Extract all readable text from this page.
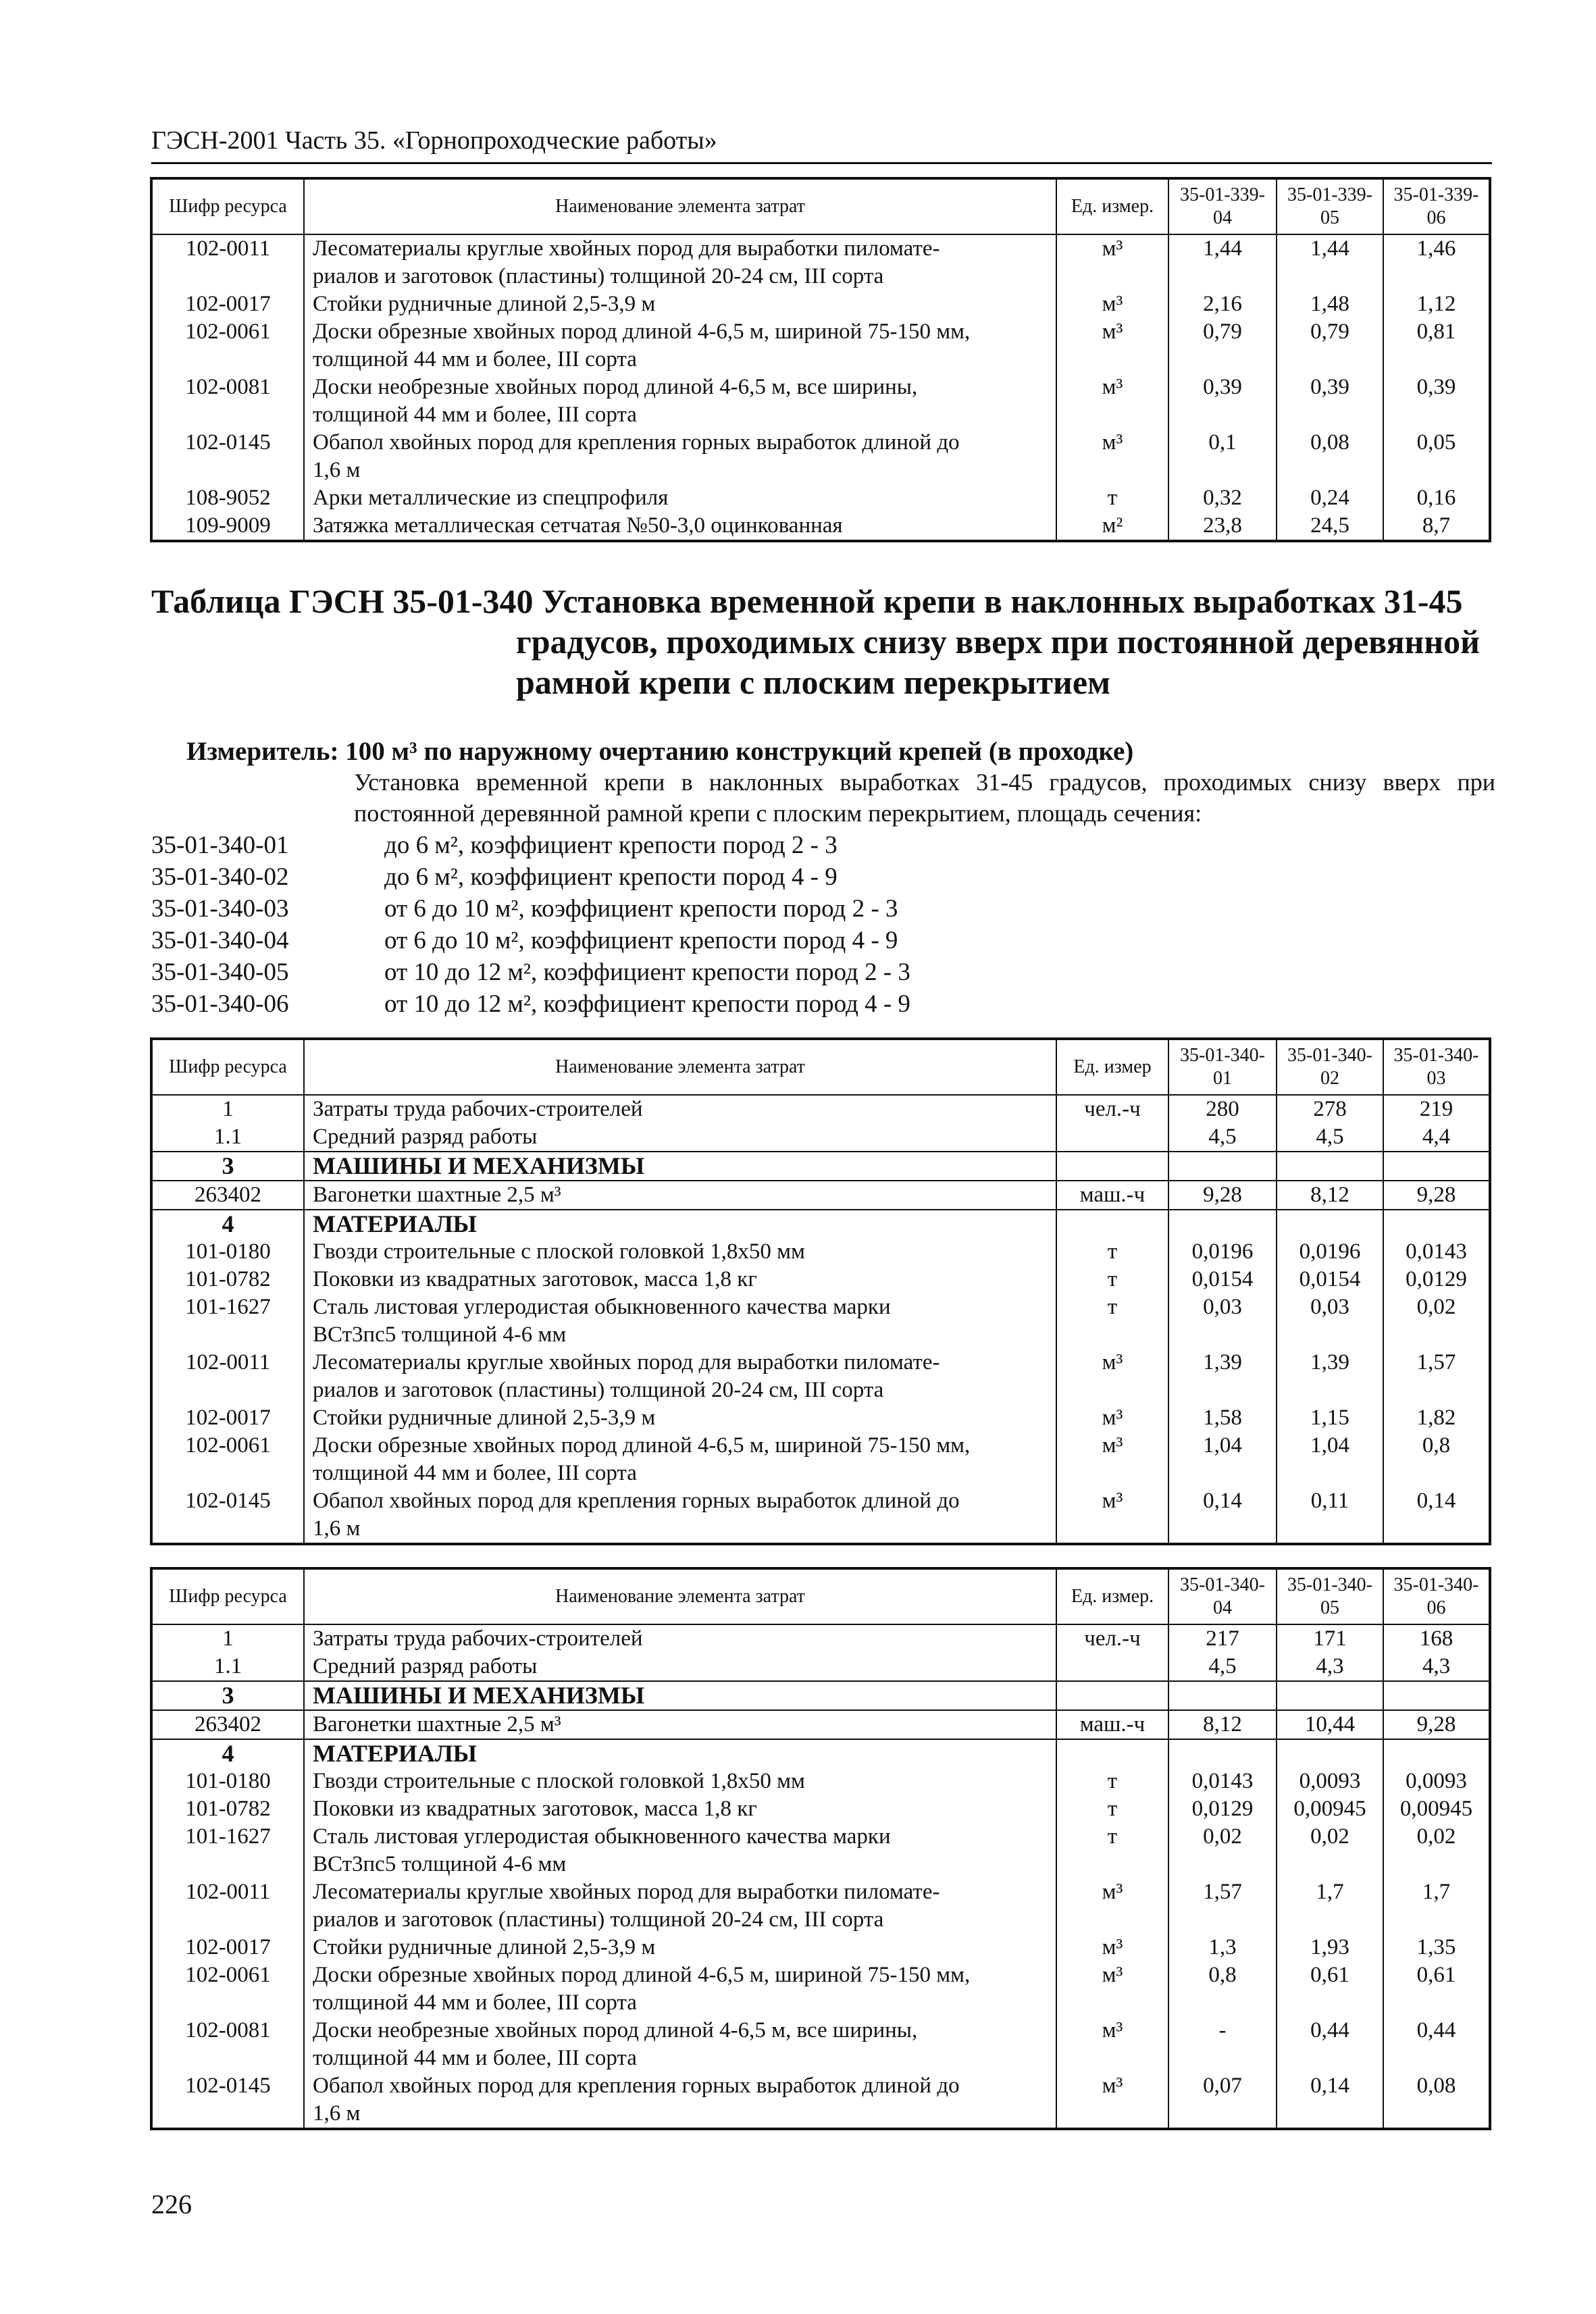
ГЭСН-2001 Часть 35. «Горнопроходческие работы»
Шифр ресурса	Наименование элемента затрат	Ед. измер.	35-01-339-04	35-01-339-05	35-01-339-06
102-0011	Лесоматериалы круглые хвойных пород для выработки пиломате-
риалов и заготовок (пластины) толщиной 20-24 см, III сорта	м³	1,44	1,44	1,46
102-0017	Стойки рудничные длиной 2,5-3,9 м	м³	2,16	1,48	1,12
102-0061	Доски обрезные хвойных пород длиной 4-6,5 м, шириной 75-150 мм,
толщиной 44 мм и более, III сорта	м³	0,79	0,79	0,81
102-0081	Доски необрезные хвойных пород длиной 4-6,5 м, все ширины,
толщиной 44 мм и более, III сорта	м³	0,39	0,39	0,39
102-0145	Обапол хвойных пород для крепления горных выработок длиной до
1,6 м	м³	0,1	0,08	0,05
108-9052	Арки металлические из спецпрофиля	т	0,32	0,24	0,16
109-9009	Затяжка металлическая сетчатая №50-3,0 оцинкованная	м²	23,8	24,5	8,7
Таблица ГЭСН 35-01-340 Установка временной крепи в наклонных выработках 31-45
градусов, проходимых снизу вверх при постоянной деревянной
рамной крепи с плоским перекрытием
Измеритель: 100 м³ по наружному очертанию конструкций крепей (в проходке)
Установка временной крепи в наклонных выработках 31-45 градусов, проходимых снизу вверх при постоянной деревянной рамной крепи с плоским перекрытием, площадь сечения:
35-01-340-01	до 6 м², коэффициент крепости пород 2 - 3
35-01-340-02	до 6 м², коэффициент крепости пород 4 - 9
35-01-340-03	от 6 до 10 м², коэффициент крепости пород 2 - 3
35-01-340-04	от 6 до 10 м², коэффициент крепости пород 4 - 9
35-01-340-05	от 10 до 12 м², коэффициент крепости пород 2 - 3
35-01-340-06	от 10 до 12 м², коэффициент крепости пород 4 - 9
Шифр ресурса	Наименование элемента затрат	Ед. измер	35-01-340-01	35-01-340-02	35-01-340-03
1	Затраты труда рабочих-строителей	чел.-ч	280	278	219
1.1	Средний разряд работы		4,5	4,5	4,4
3	МАШИНЫ И МЕХАНИЗМЫ				

263402	Вагонетки шахтные 2,5 м³	маш.-ч	9,28	8,12	9,28
4	МАТЕРИАЛЫ				

101-0180	Гвозди строительные с плоской головкой 1,8х50 мм	т	0,0196	0,0196	0,0143
101-0782	Поковки из квадратных заготовок, масса 1,8 кг	т	0,0154	0,0154	0,0129
101-1627	Сталь листовая углеродистая обыкновенного качества марки
ВСт3пс5 толщиной 4-6 мм	т	0,03	0,03	0,02
102-0011	Лесоматериалы круглые хвойных пород для выработки пиломате-
риалов и заготовок (пластины) толщиной 20-24 см, III сорта	м³	1,39	1,39	1,57
102-0017	Стойки рудничные длиной 2,5-3,9 м	м³	1,58	1,15	1,82
102-0061	Доски обрезные хвойных пород длиной 4-6,5 м, шириной 75-150 мм,
толщиной 44 мм и более, III сорта	м³	1,04	1,04	0,8
102-0145	Обапол хвойных пород для крепления горных выработок длиной до
1,6 м	м³	0,14	0,11	0,14
Шифр ресурса	Наименование элемента затрат	Ед. измер.	35-01-340-04	35-01-340-05	35-01-340-06
1	Затраты труда рабочих-строителей	чел.-ч	217	171	168
1.1	Средний разряд работы		4,5	4,3	4,3
3	МАШИНЫ И МЕХАНИЗМЫ				

263402	Вагонетки шахтные 2,5 м³	маш.-ч	8,12	10,44	9,28
4	МАТЕРИАЛЫ				

101-0180	Гвозди строительные с плоской головкой 1,8х50 мм	т	0,0143	0,0093	0,0093
101-0782	Поковки из квадратных заготовок, масса 1,8 кг	т	0,0129	0,00945	0,00945
101-1627	Сталь листовая углеродистая обыкновенного качества марки
ВСт3пс5 толщиной 4-6 мм	т	0,02	0,02	0,02
102-0011	Лесоматериалы круглые хвойных пород для выработки пиломате-
риалов и заготовок (пластины) толщиной 20-24 см, III сорта	м³	1,57	1,7	1,7
102-0017	Стойки рудничные длиной 2,5-3,9 м	м³	1,3	1,93	1,35
102-0061	Доски обрезные хвойных пород длиной 4-6,5 м, шириной 75-150 мм,
толщиной 44 мм и более, III сорта	м³	0,8	0,61	0,61
102-0081	Доски необрезные хвойных пород длиной 4-6,5 м, все ширины,
толщиной 44 мм и более, III сорта	м³	-	0,44	0,44
102-0145	Обапол хвойных пород для крепления горных выработок длиной до
1,6 м	м³	0,07	0,14	0,08
226
